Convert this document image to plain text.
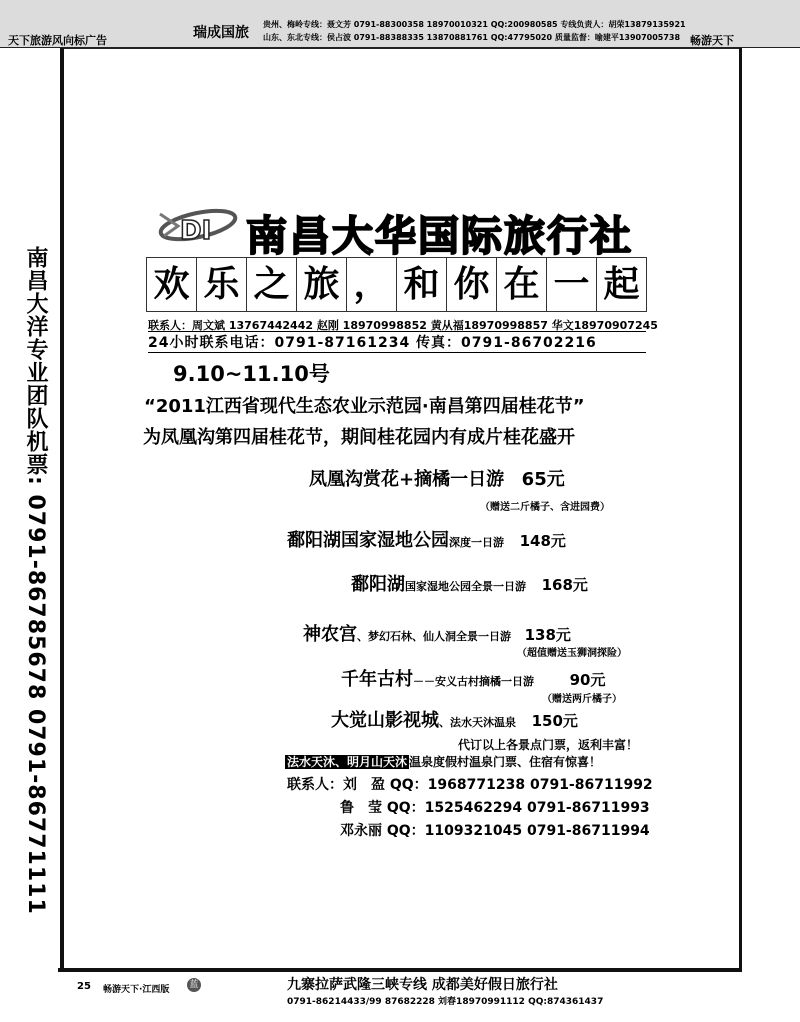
天下旅游风向标广告	瑞成国旅
贵州、梅岭专线：聂文芳 0791-88300358 18970010321 QQ:200980585 专线负责人：胡荣13879135921
山东、东北专线：侯占波 0791-88388335 13870881761 QQ:47795020 质量监督：喻建平13907005738 畅游天下
南昌大洋专业团队机票: 0791-86785678 0791-86771111
DI 南昌大华国际旅行社
欢 乐 之 旅 ， 和 你 在 一 起
联系人：周文斌 13767442442 赵刚 18970998852 黄从福18970998857 华文18970907245
24小时联系电话：0791-87161234 传真：0791-86702216
9.10~11.10号
“2011江西省现代生态农业示范园·南昌第四届桂花节”
为凤凰沟第四届桂花节，期间桂花园内有成片桂花盛开
凤凰沟赏花+摘橘一日游 65元
（赠送二斤橘子、含进园费）
鄱阳湖国家湿地公园深度一日游 148元
鄱阳湖国家湿地公园全景一日游 168元
神农宫、梦幻石林、仙人洞全景一日游 138元
（超值赠送玉狮洞探险）
千年古村－－安义古村摘橘一日游 90元
（赠送两斤橘子）
大觉山影视城、法水天沐温泉 150元
代订以上各景点门票，返利丰富！
法水天沐、明月山天沐 温泉度假村温泉门票、住宿有惊喜！
联系人：刘　盈 QQ：1968771238 0791-86711992
鲁　莹 QQ：1525462294 0791-86711993
邓永丽 QQ：1109321045 0791-86711994
25 畅游天下·江西版 蓝	九寨拉萨武隆三峡专线 成都美好假日旅行社
0791-86214433/99 87682228 刘春18970991112 QQ:874361437
